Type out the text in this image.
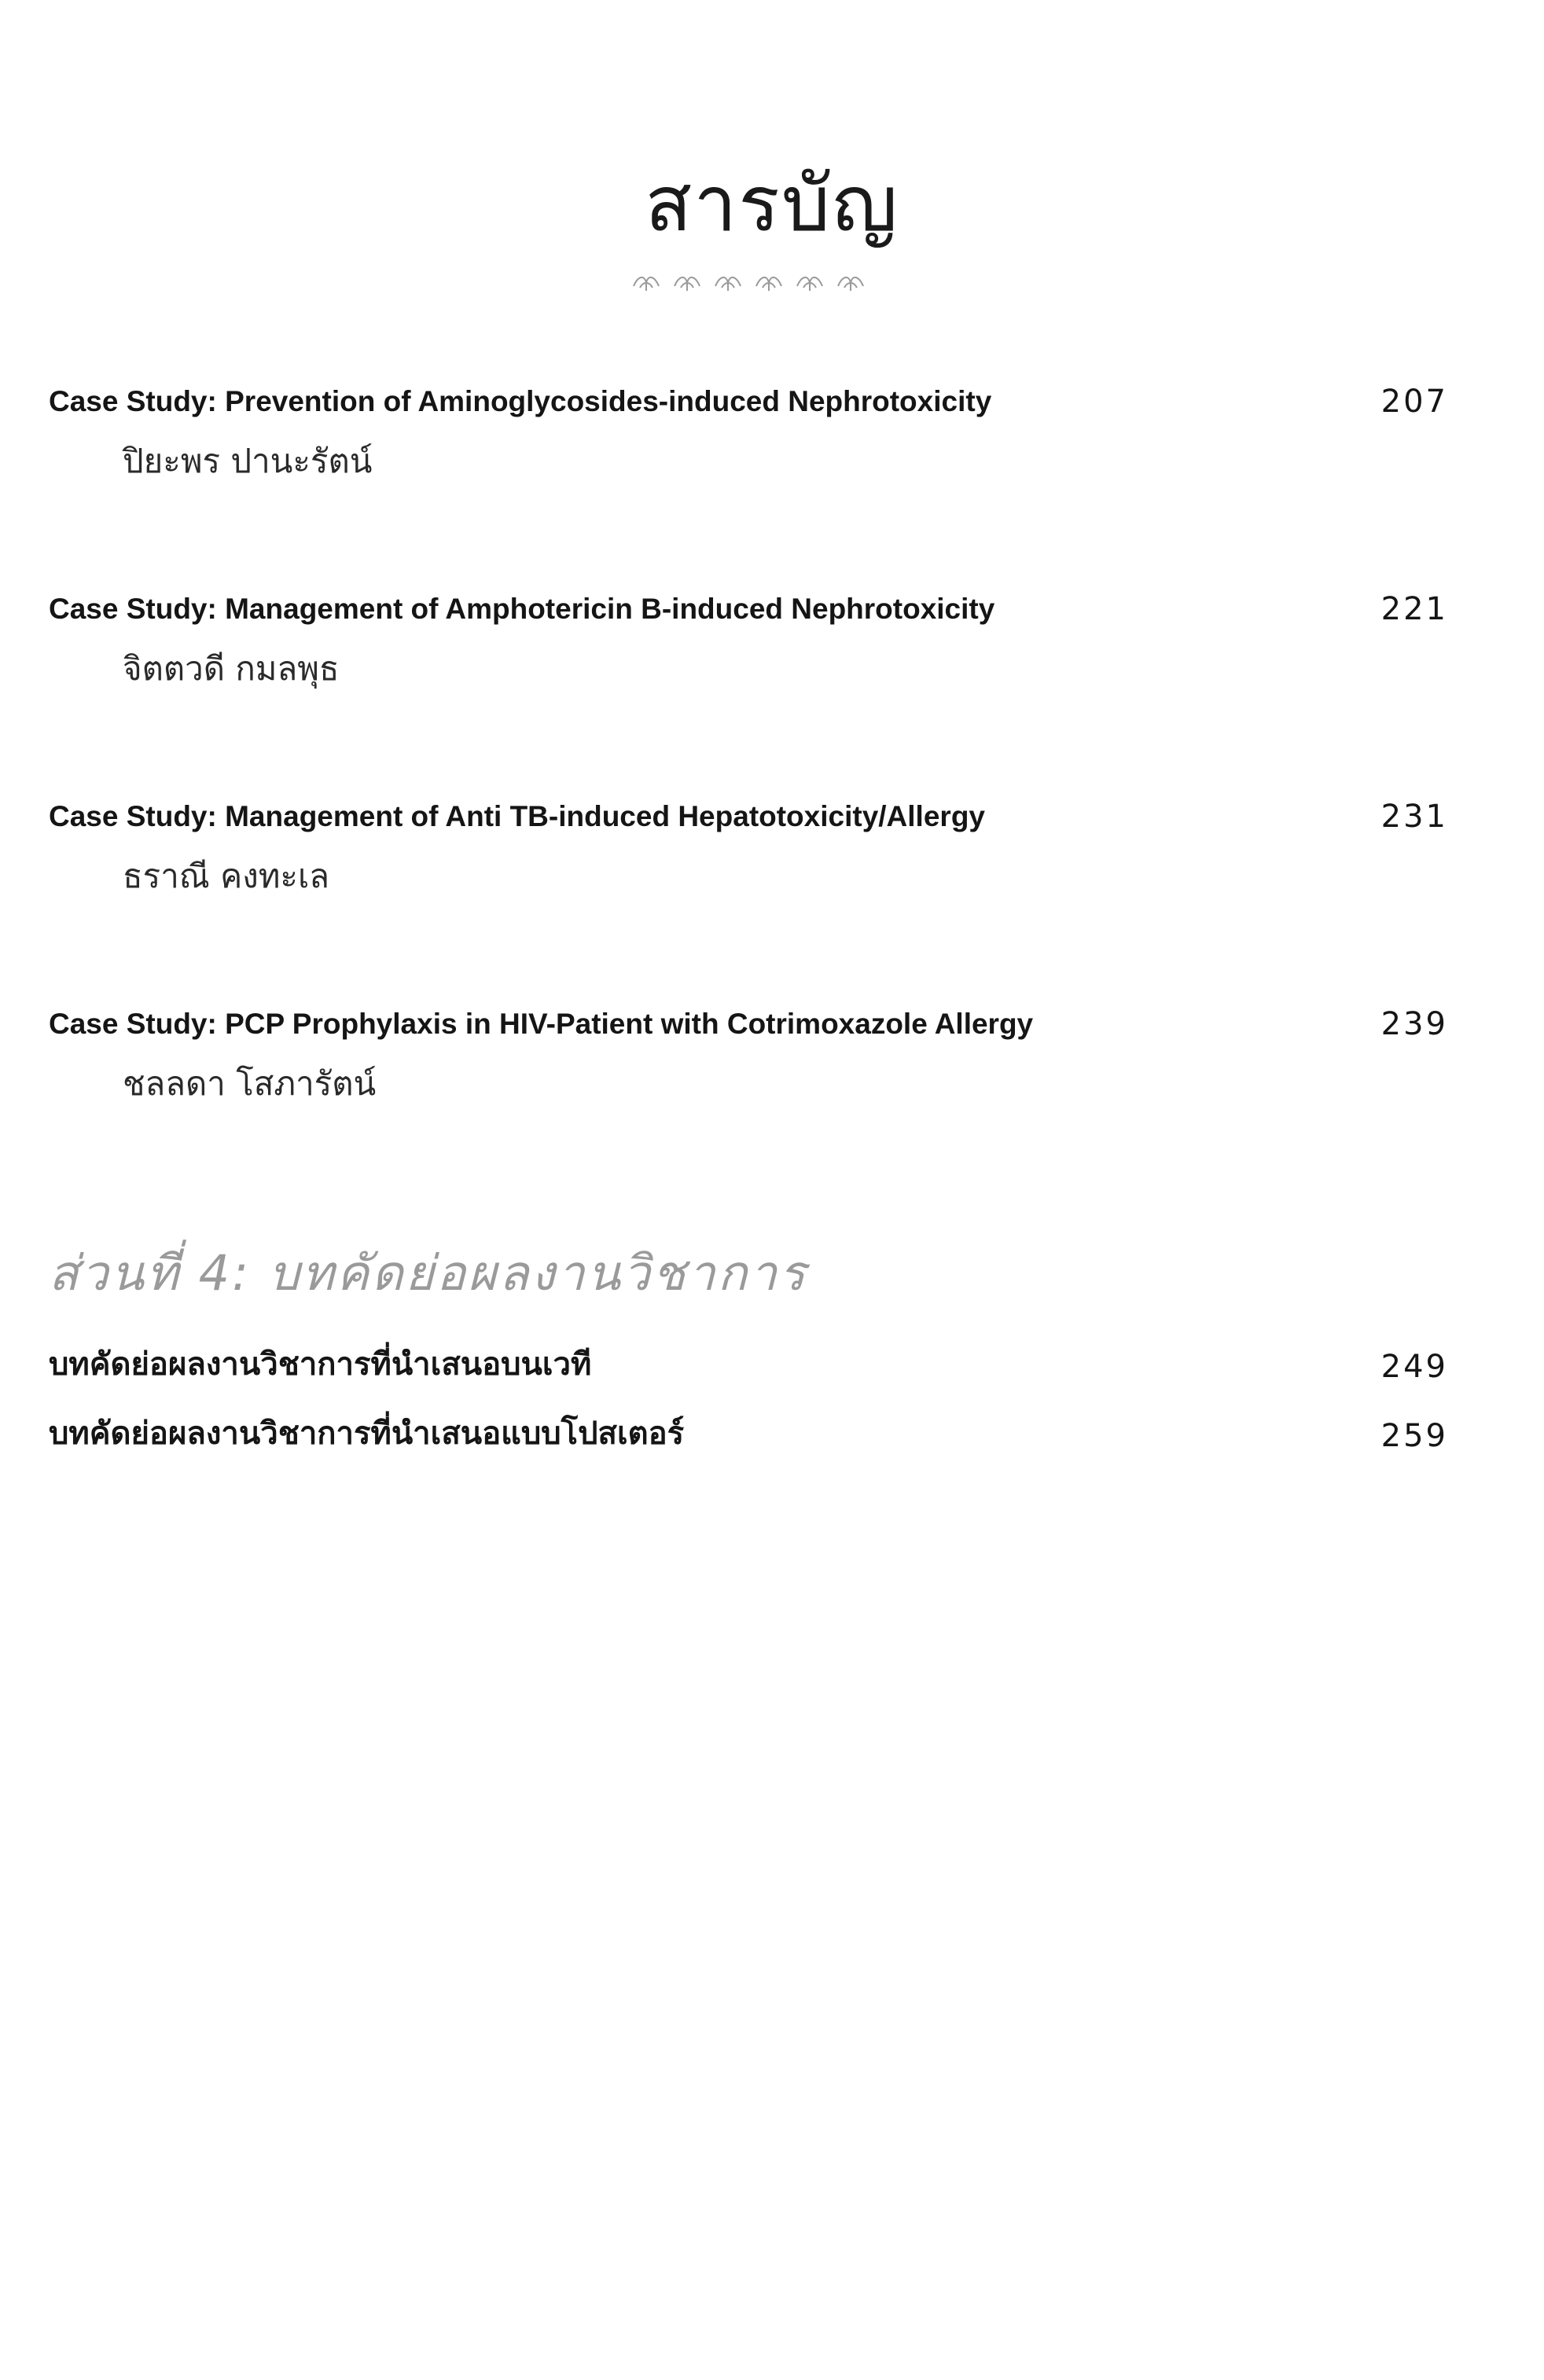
สารบัญ
Case Study: Prevention of Aminoglycosides-induced Nephrotoxicity	207
ปิยะพร ปานะรัตน์
Case Study: Management of Amphotericin B-induced Nephrotoxicity	221
จิตตวดี กมลพุธ
Case Study: Management of Anti TB-induced Hepatotoxicity/Allergy	231
ธราณี คงทะเล
Case Study: PCP Prophylaxis in HIV-Patient with Cotrimoxazole Allergy	239
ชลลดา โสภารัตน์
ส่วนที่ 4: บทคัดย่อผลงานวิชาการ
บทคัดย่อผลงานวิชาการที่นำเสนอบนเวที	249
บทคัดย่อผลงานวิชาการที่นำเสนอแบบโปสเตอร์	259
